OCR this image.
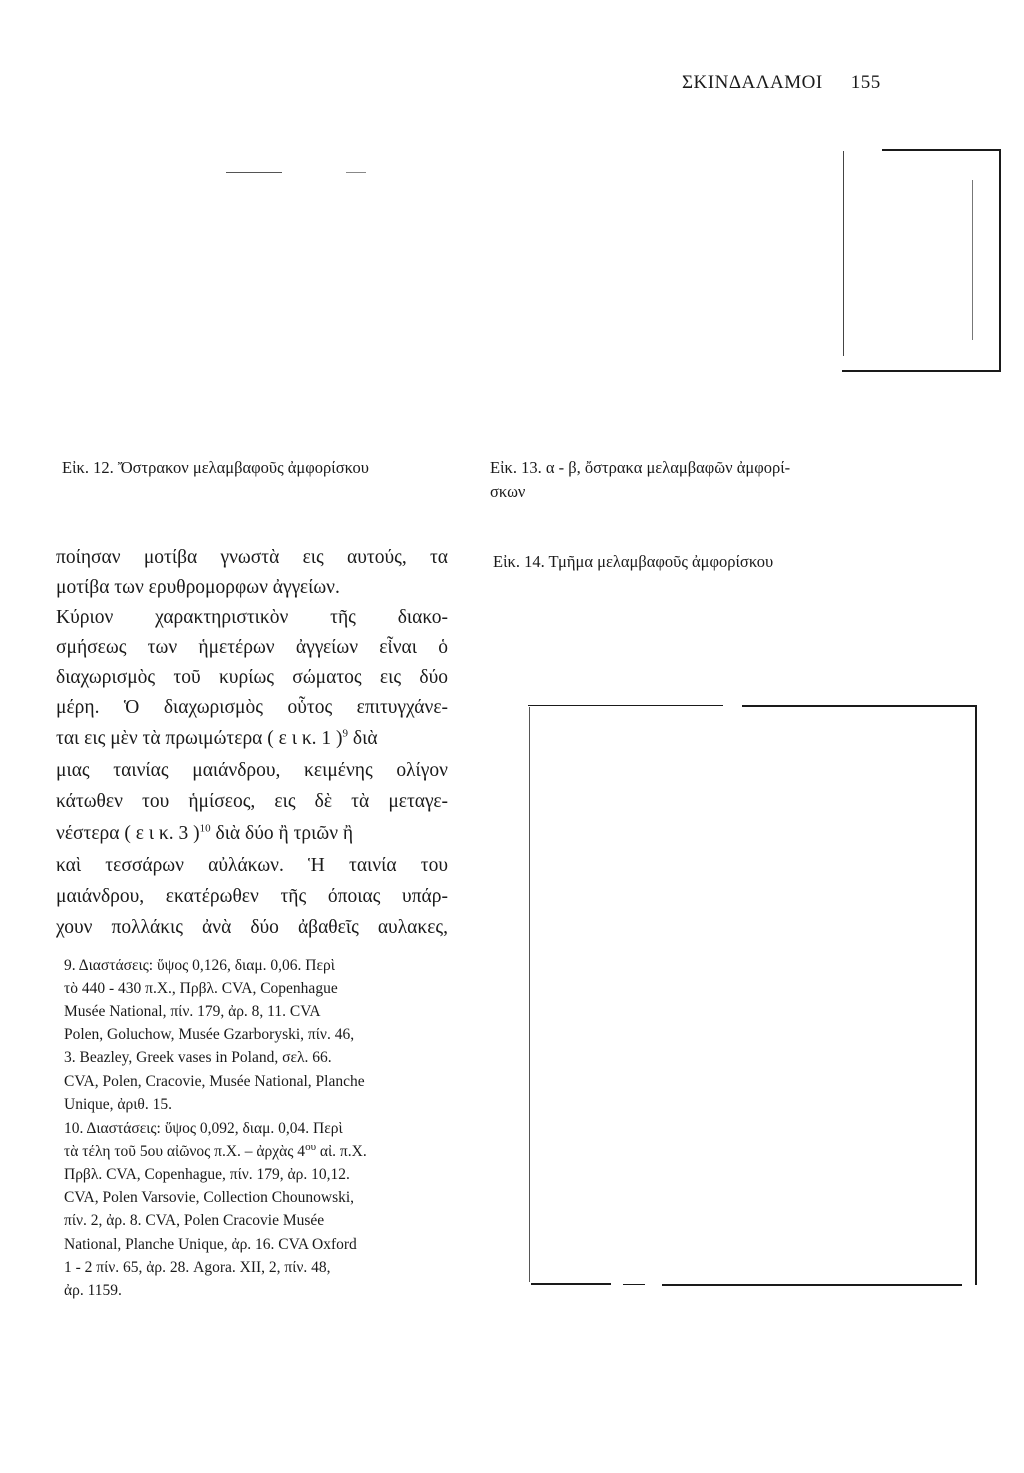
ΣΚΙΝΔΑΛΑΜΟΙ 155
Εἰκ. 12. Ὄστρακον μελαμβαφοῦς ἀμφορίσκου	Εἰκ. 13. α - β, ὄστρακα μελαμβαφῶν ἀμφορί-
σκων
Εἰκ. 14. Τμῆμα μελαμβαφοῦς ἀμφορίσκου
ποίησαν μοτίβα γνωστὰ εις αυτούς, τα
μοτίβα των ερυθρομορφων ἀγγείων.
Κύριον χαρακτηριστικὸν τῆς διακο-
σμήσεως των ἡμετέρων ἀγγείων εἶναι ὁ
διαχωρισμὸς τοῦ κυρίως σώματος εις δύο
μέρη. Ὁ διαχωρισμὸς οὗτος επιτυγχάνε-
ται εις μὲν τὰ πρωιμώτερα ( ε ι κ. 1 )$^9$ διὰ
μιας ταινίας μαιάνδρου, κειμένης ολίγον
κάτωθεν του ἡμίσεος, εις δὲ τὰ μεταγε-
νέστερα ( ε ι κ. 3 )$^{10}$ διὰ δύο ἢ τριῶν ἢ
καὶ τεσσάρων αὐλάκων. Ἡ ταινία του
μαιάνδρου, εκατέρωθεν τῆς όποιας υπάρ-
χουν πολλάκις ἀνὰ δύο ἀβαθεῖς αυλακες,
9. Διαστάσεις: ὕψος 0,126, διαμ. 0,06. Περὶ
τὸ 440 - 430 π.Χ., Πρβλ. CVA, Copenhague
Musée National, πίν. 179, ἀρ. 8, 11. CVA
Polen, Goluchow, Musée Gzarboryski, πίν. 46,
3. Beazley, Greek vases in Poland, σελ. 66.
CVA, Polen, Cracovie, Musée National, Planche
Unique, ἀριθ. 15.
10. Διαστάσεις: ὕψος 0,092, διαμ. 0,04. Περὶ
τὰ τέλη τοῦ 5ου αἰῶνος π.Χ. – ἀρχὰς $4^{o\upsilon}$ αἰ. π.Χ.
Πρβλ. CVA, Copenhague, πίν. 179, ἀρ. 10,12.
CVA, Polen Varsovie, Collection Chounowski,
πίν. 2, ἀρ. 8. CVA, Polen Cracovie Musée
National, Planche Unique, ἀρ. 16. CVA Oxford
1 - 2 πίν. 65, ἀρ. 28. Agora. XII, 2, πίν. 48,
ἀρ. 1159.
